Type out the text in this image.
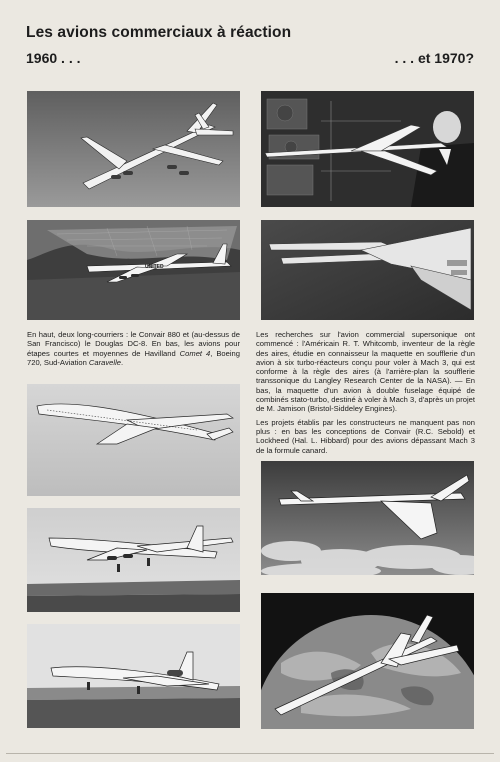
Les avions commerciaux à réaction
1960 . . .	. . . et 1970?
UNITED
En haut, deux long-courriers : le Convair 880 et (au-dessus de San Francisco) le Douglas DC-8. En bas, les avions pour étapes courtes et moyennes de Havilland Comet 4, Boeing 720, Sud-Aviation Caravelle.

Les recherches sur l'avion commercial supersonique ont commencé : l'Américain R. T. Whitcomb, inventeur de la règle des aires, étudie en connaisseur la maquette en soufflerie d'un avion à six turbo-réacteurs conçu pour voler à Mach 3, qui est conforme à la règle des aires (à l'arrière-plan la soufflerie transsonique du Langley Research Center de la NASA). — En bas, la maquette d'un avion à double fuselage équipé de combinés stato-turbo, destiné à voler à Mach 3, d'après un projet de M. Jamison (Bristol-Siddeley Engines).

Les projets établis par les constructeurs ne manquent pas non plus : en bas les conceptions de Convair (R.C. Sebold) et Lockheed (Hal. L. Hibbard) pour des avions dépassant Mach 3 de la formule canard.
